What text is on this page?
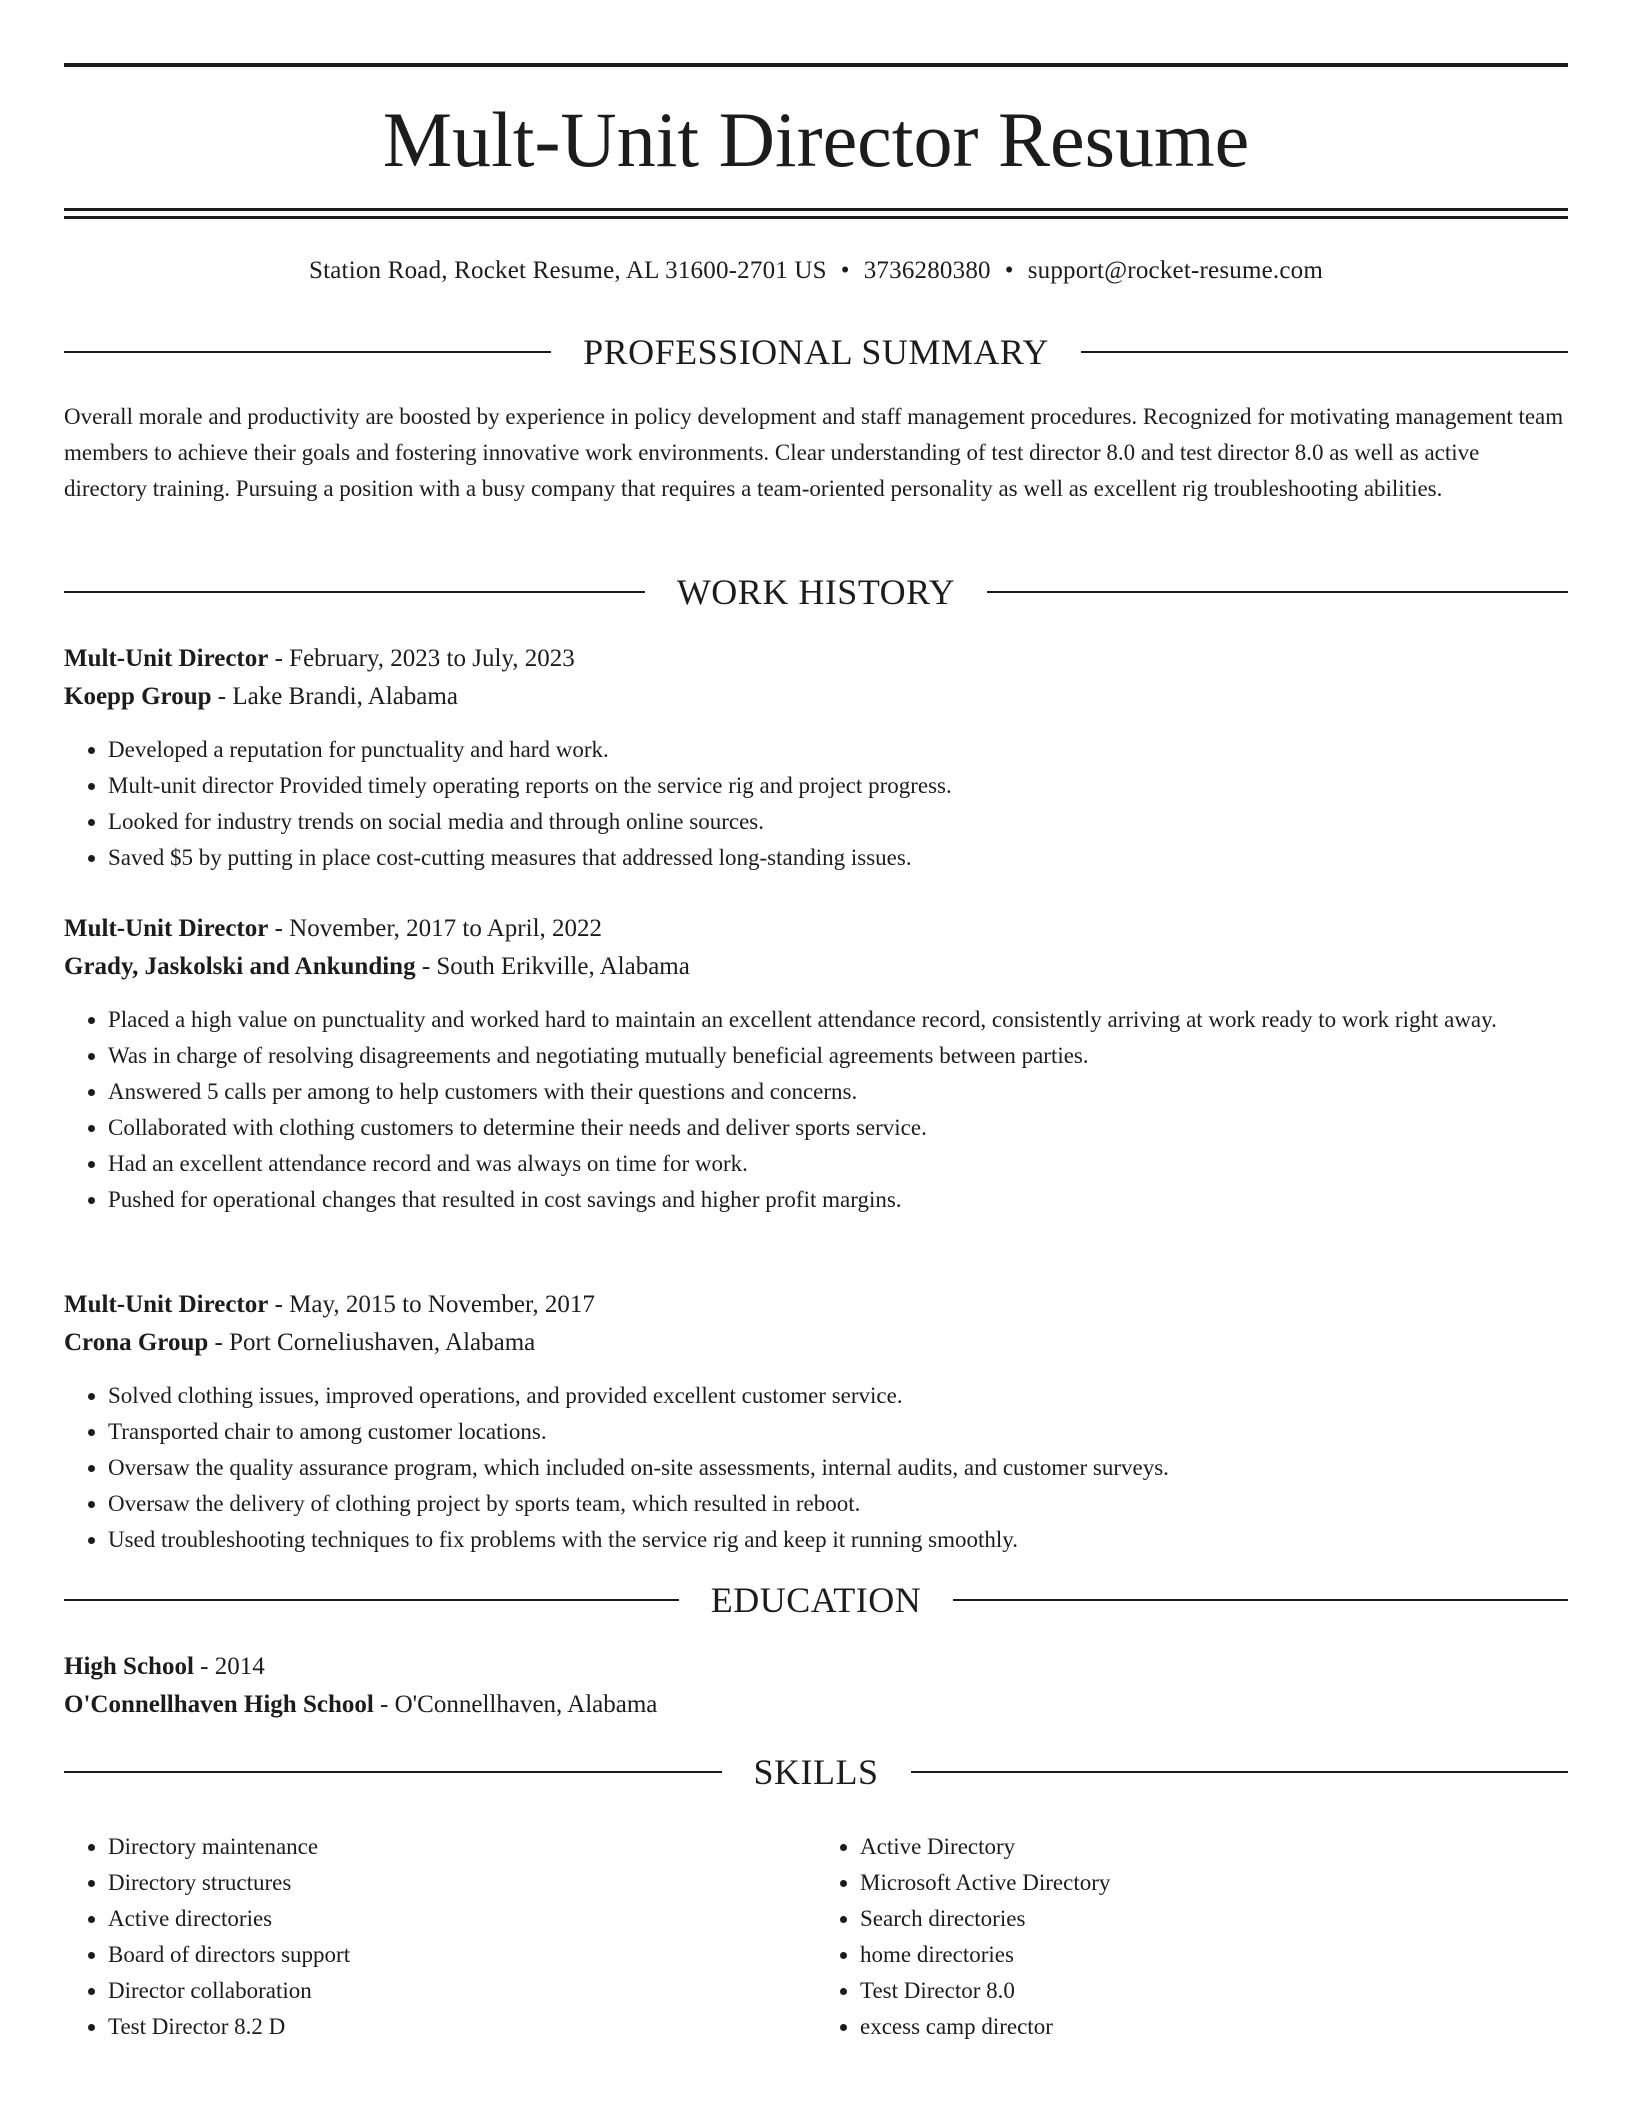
Mult-Unit Director Resume
Station Road, Rocket Resume, AL 31600-2701 US • 3736280380 • support@rocket-resume.com
PROFESSIONAL SUMMARY

Overall morale and productivity are boosted by experience in policy development and staff management procedures. Recognized for motivating management team members to achieve their goals and fostering innovative work environments. Clear understanding of test director 8.0 and test director 8.0 as well as active directory training. Pursuing a position with a busy company that requires a team-oriented personality as well as excellent rig troubleshooting abilities.

WORK HISTORY
Mult-Unit Director - February, 2023 to July, 2023
Koepp Group - Lake Brandi, Alabama
• Developed a reputation for punctuality and hard work.
• Mult-unit director Provided timely operating reports on the service rig and project progress.
• Looked for industry trends on social media and through online sources.
• Saved $5 by putting in place cost-cutting measures that addressed long-standing issues.
Mult-Unit Director - November, 2017 to April, 2022
Grady, Jaskolski and Ankunding - South Erikville, Alabama
• Placed a high value on punctuality and worked hard to maintain an excellent attendance record, consistently arriving at work ready to work right away.
• Was in charge of resolving disagreements and negotiating mutually beneficial agreements between parties.
• Answered 5 calls per among to help customers with their questions and concerns.
• Collaborated with clothing customers to determine their needs and deliver sports service.
• Had an excellent attendance record and was always on time for work.
• Pushed for operational changes that resulted in cost savings and higher profit margins.
Mult-Unit Director - May, 2015 to November, 2017
Crona Group - Port Corneliushaven, Alabama
• Solved clothing issues, improved operations, and provided excellent customer service.
• Transported chair to among customer locations.
• Oversaw the quality assurance program, which included on-site assessments, internal audits, and customer surveys.
• Oversaw the delivery of clothing project by sports team, which resulted in reboot.
• Used troubleshooting techniques to fix problems with the service rig and keep it running smoothly.
EDUCATION
High School - 2014
O'Connellhaven High School - O'Connellhaven, Alabama
SKILLS
• Directory maintenance
• Directory structures
• Active directories
• Board of directors support
• Director collaboration
• Test Director 8.2 D
• Active Directory
• Microsoft Active Directory
• Search directories
• home directories
• Test Director 8.0
• excess camp director
